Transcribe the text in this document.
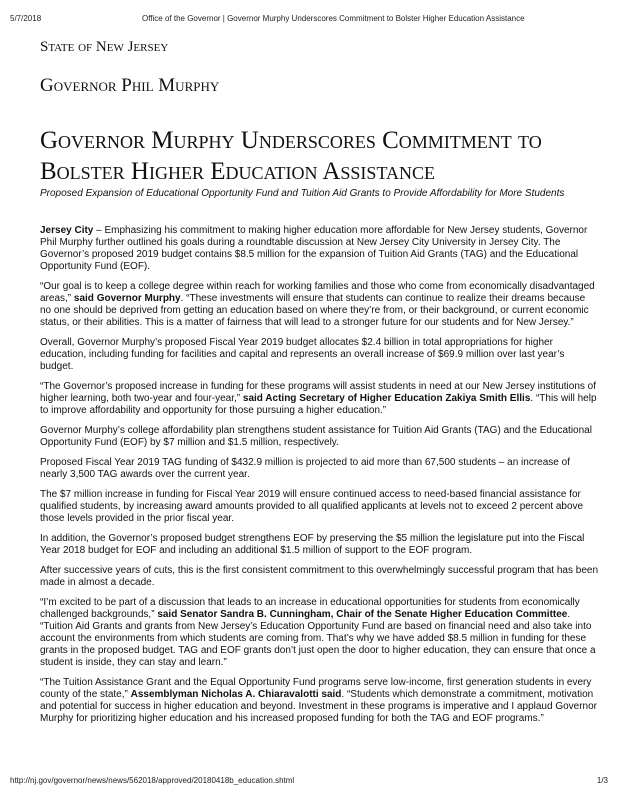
5/7/2018	Office of the Governor | Governor Murphy Underscores Commitment to Bolster Higher Education Assistance
State of New Jersey
Governor Phil Murphy
Governor Murphy Underscores Commitment to Bolster Higher Education Assistance

Proposed Expansion of Educational Opportunity Fund and Tuition Aid Grants to Provide Affordability for More Students

Jersey City – Emphasizing his commitment to making higher education more affordable for New Jersey students, Governor Phil Murphy further outlined his goals during a roundtable discussion at New Jersey City University in Jersey City. The Governor’s proposed 2019 budget contains $8.5 million for the expansion of Tuition Aid Grants (TAG) and the Educational Opportunity Fund (EOF).

“Our goal is to keep a college degree within reach for working families and those who come from economically disadvantaged areas,” said Governor Murphy. “These investments will ensure that students can continue to realize their dreams because no one should be deprived from getting an education based on where they’re from, or their background, or current economic status, or their abilities. This is a matter of fairness that will lead to a stronger future for our students and for New Jersey.”

Overall, Governor Murphy’s proposed Fiscal Year 2019 budget allocates $2.4 billion in total appropriations for higher education, including funding for facilities and capital and represents an overall increase of $69.9 million over last year’s budget.

“The Governor’s proposed increase in funding for these programs will assist students in need at our New Jersey institutions of higher learning, both two-year and four-year,” said Acting Secretary of Higher Education Zakiya Smith Ellis. “This will help to improve affordability and opportunity for those pursuing a higher education.”

Governor Murphy’s college affordability plan strengthens student assistance for Tuition Aid Grants (TAG) and the Educational Opportunity Fund (EOF) by $7 million and $1.5 million, respectively.

Proposed Fiscal Year 2019 TAG funding of $432.9 million is projected to aid more than 67,500 students – an increase of nearly 3,500 TAG awards over the current year.

The $7 million increase in funding for Fiscal Year 2019 will ensure continued access to need-based financial assistance for qualified students, by increasing award amounts provided to all qualified applicants at levels not to exceed 2 percent above those levels provided in the prior fiscal year.

In addition, the Governor’s proposed budget strengthens EOF by preserving the $5 million the legislature put into the Fiscal Year 2018 budget for EOF and including an additional $1.5 million of support to the EOF program.

After successive years of cuts, this is the first consistent commitment to this overwhelmingly successful program that has been made in almost a decade.

“I’m excited to be part of a discussion that leads to an increase in educational opportunities for students from economically challenged backgrounds,” said Senator Sandra B. Cunningham, Chair of the Senate Higher Education Committee. “Tuition Aid Grants and grants from New Jersey’s Education Opportunity Fund are based on financial need and also take into account the environments from which students are coming from. That’s why we have added $8.5 million in funding for these grants in the proposed budget. TAG and EOF grants don’t just open the door to higher education, they can ensure that once a student is inside, they can stay and learn.”

“The Tuition Assistance Grant and the Equal Opportunity Fund programs serve low-income, first generation students in every county of the state,” Assemblyman Nicholas A. Chiaravalotti said. “Students which demonstrate a commitment, motivation and potential for success in higher education and beyond. Investment in these programs is imperative and I applaud Governor Murphy for prioritizing higher education and his increased proposed funding for both the TAG and EOF programs.”

http://nj.gov/governor/news/news/562018/approved/20180418b_education.shtml	1/3
